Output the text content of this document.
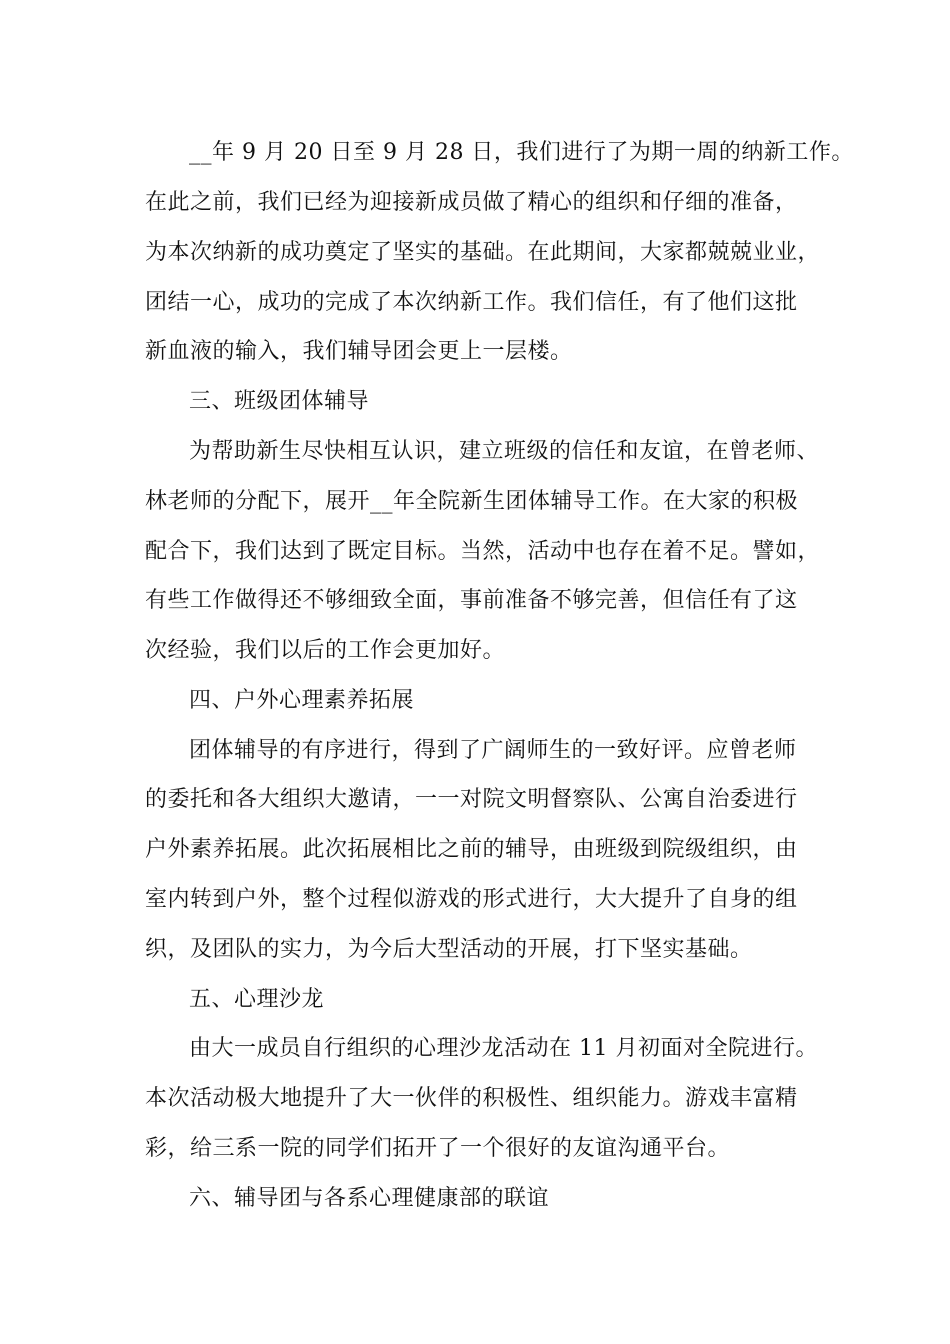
__年 9 月 20 日至 9 月 28 日，我们进行了为期一周的纳新工作。
在此之前，我们已经为迎接新成员做了精心的组织和仔细的准备，
为本次纳新的成功奠定了坚实的基础。在此期间，大家都兢兢业业，
团结一心，成功的完成了本次纳新工作。我们信任，有了他们这批
新血液的输入，我们辅导团会更上一层楼。
三、班级团体辅导
为帮助新生尽快相互认识，建立班级的信任和友谊，在曾老师、
林老师的分配下，展开__年全院新生团体辅导工作。在大家的积极
配合下，我们达到了既定目标。当然，活动中也存在着不足。譬如，
有些工作做得还不够细致全面，事前准备不够完善，但信任有了这
次经验，我们以后的工作会更加好。
四、户外心理素养拓展
团体辅导的有序进行，得到了广阔师生的一致好评。应曾老师
的委托和各大组织大邀请，一一对院文明督察队、公寓自治委进行
户外素养拓展。此次拓展相比之前的辅导，由班级到院级组织，由
室内转到户外，整个过程似游戏的形式进行，大大提升了自身的组
织，及团队的实力，为今后大型活动的开展，打下坚实基础。
五、心理沙龙
由大一成员自行组织的心理沙龙活动在 11 月初面对全院进行。
本次活动极大地提升了大一伙伴的积极性、组织能力。游戏丰富精
彩，给三系一院的同学们拓开了一个很好的友谊沟通平台。
六、辅导团与各系心理健康部的联谊
